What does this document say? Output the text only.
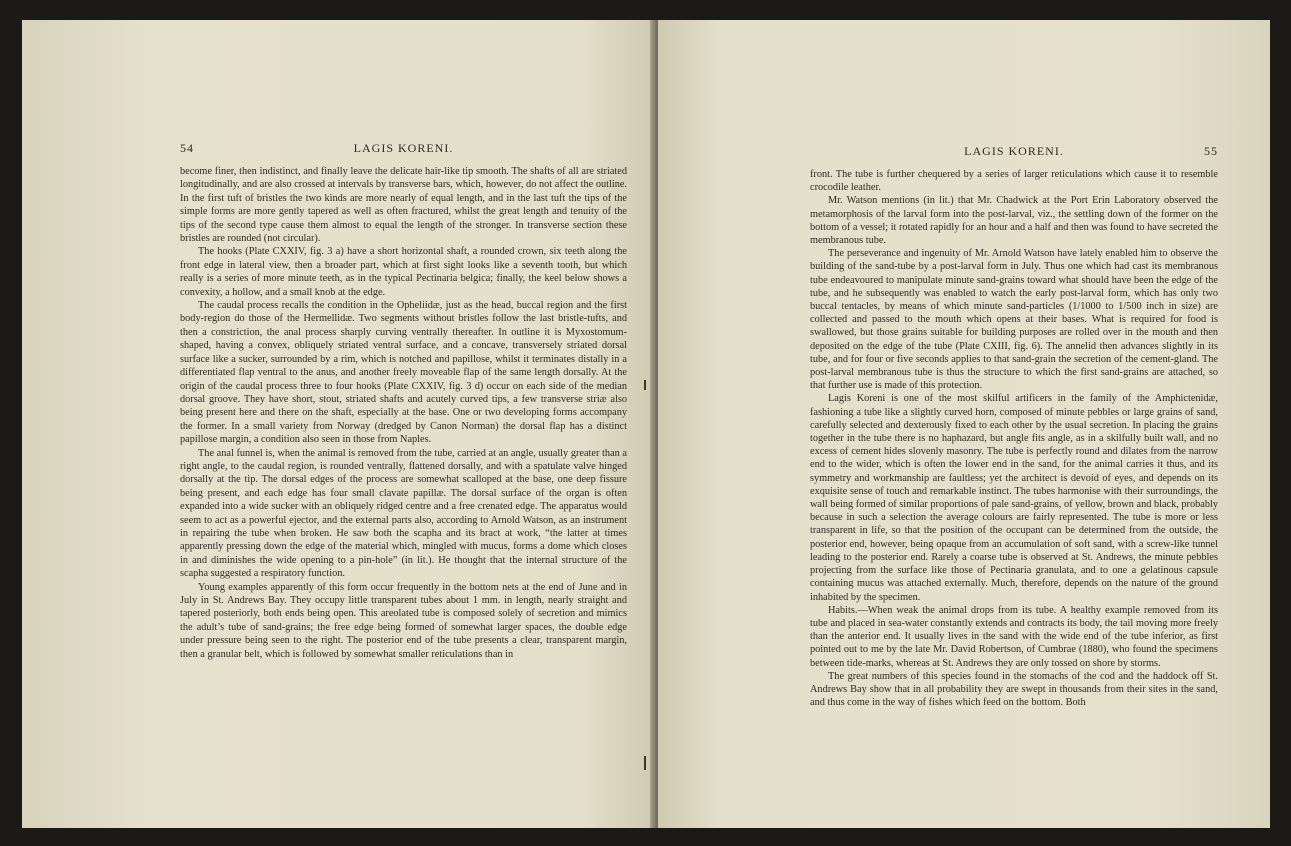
54	LAGIS KORENI.

become finer, then indistinct, and finally leave the delicate hair-like tip smooth. The shafts of all are striated longitudinally, and are also crossed at intervals by transverse bars, which, however, do not affect the outline. In the first tuft of bristles the two kinds are more nearly of equal length, and in the last tuft the tips of the simple forms are more gently tapered as well as often fractured, whilst the great length and tenuity of the tips of the second type cause them almost to equal the length of the stronger. In transverse section these bristles are rounded (not circular).

The hooks (Plate CXXIV, fig. 3 a) have a short horizontal shaft, a rounded crown, six teeth along the front edge in lateral view, then a broader part, which at first sight looks like a seventh tooth, but which really is a series of more minute teeth, as in the typical Pectinaria belgica; finally, the keel below shows a convexity, a hollow, and a small knob at the edge.

The caudal process recalls the condition in the Opheliidæ, just as the head, buccal region and the first body-region do those of the Hermellidæ. Two segments without bristles follow the last bristle-tufts, and then a constriction, the anal process sharply curving ventrally thereafter. In outline it is Myxostomum-shaped, having a convex, obliquely striated ventral surface, and a concave, transversely striated dorsal surface like a sucker, surrounded by a rim, which is notched and papillose, whilst it terminates distally in a differentiated flap ventral to the anus, and another freely moveable flap of the same length dorsally. At the origin of the caudal process three to four hooks (Plate CXXIV, fig. 3 d) occur on each side of the median dorsal groove. They have short, stout, striated shafts and acutely curved tips, a few transverse striæ also being present here and there on the shaft, especially at the base. One or two developing forms accompany the former. In a small variety from Norway (dredged by Canon Norman) the dorsal flap has a distinct papillose margin, a condition also seen in those from Naples.

The anal funnel is, when the animal is removed from the tube, carried at an angle, usually greater than a right angle, to the caudal region, is rounded ventrally, flattened dorsally, and with a spatulate valve hinged dorsally at the tip. The dorsal edges of the process are somewhat scalloped at the base, one deep fissure being present, and each edge has four small clavate papillæ. The dorsal surface of the organ is often expanded into a wide sucker with an obliquely ridged centre and a free crenated edge. The apparatus would seem to act as a powerful ejector, and the external parts also, according to Arnold Watson, as an instrument in repairing the tube when broken. He saw both the scapha and its bract at work, “the latter at times apparently pressing down the edge of the material which, mingled with mucus, forms a dome which closes in and diminishes the wide opening to a pin-hole” (in lit.). He thought that the internal structure of the scapha suggested a respiratory function.

Young examples apparently of this form occur frequently in the bottom nets at the end of June and in July in St. Andrews Bay. They occupy little transparent tubes about 1 mm. in length, nearly straight and tapered posteriorly, both ends being open. This areolated tube is composed solely of secretion and mimics the adult’s tube of sand-grains; the free edge being formed of somewhat larger spaces, the double edge under pressure being seen to the right. The posterior end of the tube presents a clear, transparent margin, then a granular belt, which is followed by somewhat smaller reticulations than in

LAGIS KORENI.	55

front. The tube is further chequered by a series of larger reticulations which cause it to resemble crocodile leather.

Mr. Watson mentions (in lit.) that Mr. Chadwick at the Port Erin Laboratory observed the metamorphosis of the larval form into the post-larval, viz., the settling down of the former on the bottom of a vessel; it rotated rapidly for an hour and a half and then was found to have secreted the membranous tube.

The perseverance and ingenuity of Mr. Arnold Watson have lately enabled him to observe the building of the sand-tube by a post-larval form in July. Thus one which had cast its membranous tube endeavoured to manipulate minute sand-grains toward what should have been the edge of the tube, and he subsequently was enabled to watch the early post-larval form, which has only two buccal tentacles, by means of which minute sand-particles (1/1000 to 1/500 inch in size) are collected and passed to the mouth which opens at their bases. What is required for food is swallowed, but those grains suitable for building purposes are rolled over in the mouth and then deposited on the edge of the tube (Plate CXIII, fig. 6). The annelid then advances slightly in its tube, and for four or five seconds applies to that sand-grain the secretion of the cement-gland. The post-larval membranous tube is thus the structure to which the first sand-grains are attached, so that further use is made of this protection.

Lagis Koreni is one of the most skilful artificers in the family of the Amphictenidæ, fashioning a tube like a slightly curved horn, composed of minute pebbles or large grains of sand, carefully selected and dexterously fixed to each other by the usual secretion. In placing the grains together in the tube there is no haphazard, but angle fits angle, as in a skilfully built wall, and no excess of cement hides slovenly masonry. The tube is perfectly round and dilates from the narrow end to the wider, which is often the lower end in the sand, for the animal carries it thus, and its symmetry and workmanship are faultless; yet the architect is devoid of eyes, and depends on its exquisite sense of touch and remarkable instinct. The tubes harmonise with their surroundings, the wall being formed of similar proportions of pale sand-grains, of yellow, brown and black, probably because in such a selection the average colours are fairly represented. The tube is more or less transparent in life, so that the position of the occupant can be determined from the outside, the posterior end, however, being opaque from an accumulation of soft sand, with a screw-like tunnel leading to the posterior end. Rarely a coarse tube is observed at St. Andrews, the minute pebbles projecting from the surface like those of Pectinaria granulata, and to one a gelatinous capsule containing mucus was attached externally. Much, therefore, depends on the nature of the ground inhabited by the specimen.

Habits.—When weak the animal drops from its tube. A healthy example removed from its tube and placed in sea-water constantly extends and contracts its body, the tail moving more freely than the anterior end. It usually lives in the sand with the wide end of the tube inferior, as first pointed out to me by the late Mr. David Robertson, of Cumbrae (1880), who found the specimens between tide-marks, whereas at St. Andrews they are only tossed on shore by storms.

The great numbers of this species found in the stomachs of the cod and the haddock off St. Andrews Bay show that in all probability they are swept in thousands from their sites in the sand, and thus come in the way of fishes which feed on the bottom. Both
